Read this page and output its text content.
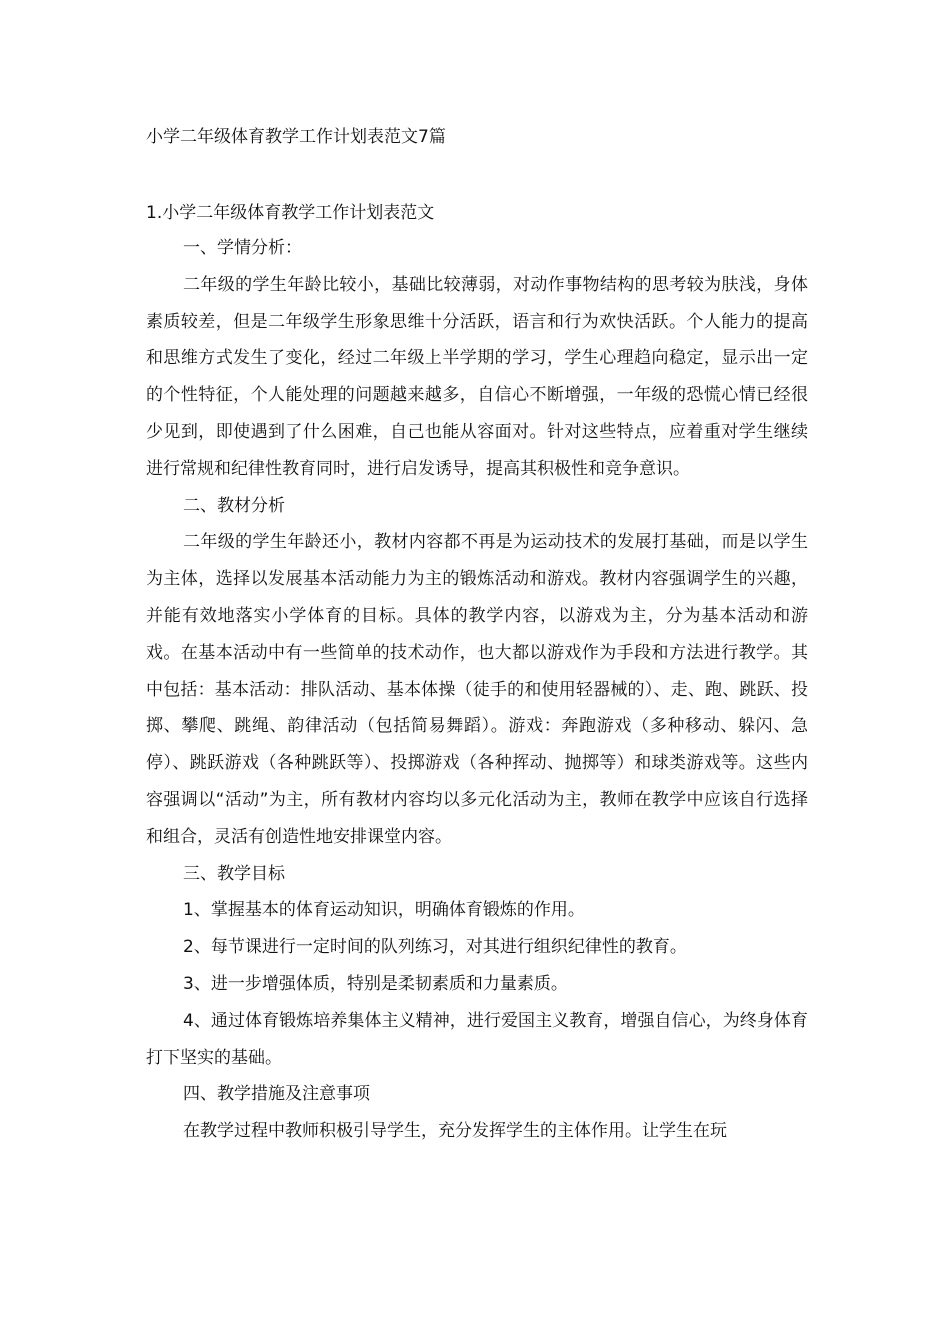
小学二年级体育教学工作计划表范文7篇
1.小学二年级体育教学工作计划表范文

一、学情分析：

二年级的学生年龄比较小，基础比较薄弱，对动作事物结构的思考较为肤浅，身体素质较差，但是二年级学生形象思维十分活跃，语言和行为欢快活跃。个人能力的提高和思维方式发生了变化，经过二年级上半学期的学习，学生心理趋向稳定，显示出一定的个性特征，个人能处理的问题越来越多，自信心不断增强，一年级的恐慌心情已经很少见到，即使遇到了什么困难，自己也能从容面对。针对这些特点，应着重对学生继续进行常规和纪律性教育同时，进行启发诱导，提高其积极性和竞争意识。

二、教材分析

二年级的学生年龄还小，教材内容都不再是为运动技术的发展打基础，而是以学生为主体，选择以发展基本活动能力为主的锻炼活动和游戏。教材内容强调学生的兴趣，并能有效地落实小学体育的目标。具体的教学内容，以游戏为主，分为基本活动和游戏。在基本活动中有一些简单的技术动作，也大都以游戏作为手段和方法进行教学。其中包括：基本活动：排队活动、基本体操（徒手的和使用轻器械的）、走、跑、跳跃、投掷、攀爬、跳绳、韵律活动（包括简易舞蹈）。游戏：奔跑游戏（多种移动、躲闪、急停）、跳跃游戏（各种跳跃等）、投掷游戏（各种挥动、抛掷等）和球类游戏等。这些内容强调以“活动”为主，所有教材内容均以多元化活动为主，教师在教学中应该自行选择和组合，灵活有创造性地安排课堂内容。

三、教学目标

1、掌握基本的体育运动知识，明确体育锻炼的作用。

2、每节课进行一定时间的队列练习，对其进行组织纪律性的教育。

3、进一步增强体质，特别是柔韧素质和力量素质。

4、通过体育锻炼培养集体主义精神，进行爱国主义教育，增强自信心，为终身体育打下坚实的基础。

四、教学措施及注意事项

在教学过程中教师积极引导学生，充分发挥学生的主体作用。让学生在玩
